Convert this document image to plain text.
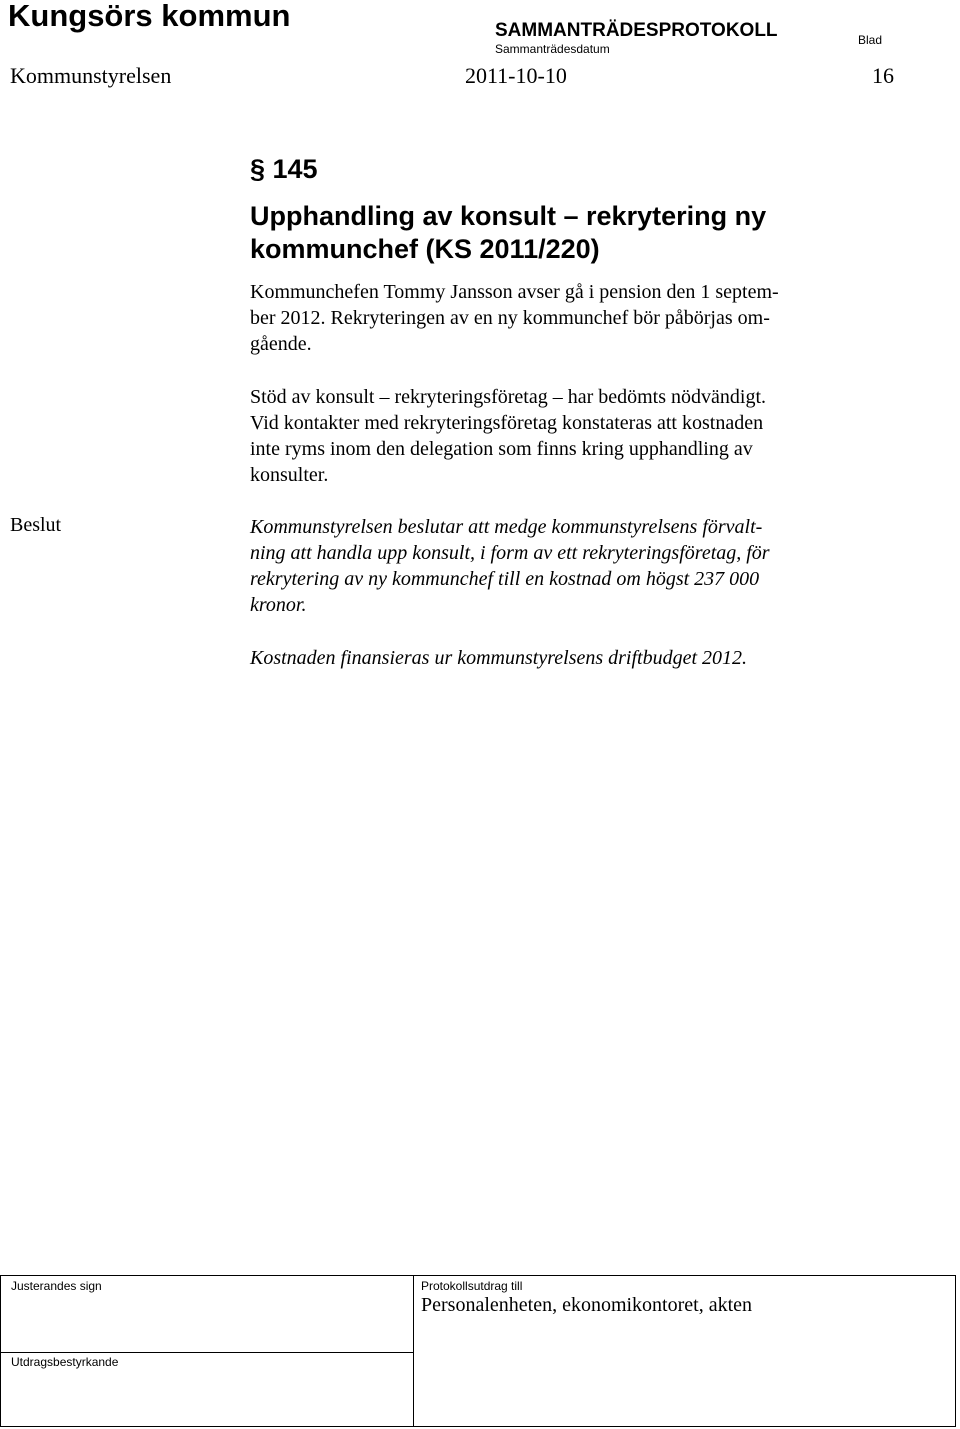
Kungsörs kommun	SAMMANTRÄDESPROTOKOLL
Sammanträdesdatum
Blad
Kommunstyrelsen	2011-10-10	16
§ 145
Upphandling av konsult – rekrytering ny
kommunchef (KS 2011/220)
Kommunchefen Tommy Jansson avser gå i pension den 1 septem-
ber 2012. Rekryteringen av en ny kommunchef bör påbörjas om-
gående.
Stöd av konsult – rekryteringsföretag – har bedömts nödvändigt.
Vid kontakter med rekryteringsföretag konstateras att kostnaden
inte ryms inom den delegation som finns kring upphandling av
konsulter.
Beslut	Kommunstyrelsen beslutar att medge kommunstyrelsens förvalt-
ning att handla upp konsult, i form av ett rekryteringsföretag, för
rekrytering av ny kommunchef till en kostnad om högst 237 000
kronor.
Kostnaden finansieras ur kommunstyrelsens driftbudget 2012.
Justerandes sign
Utdragsbestyrkande
Protokollsutdrag till
Personalenheten, ekonomikontoret, akten
